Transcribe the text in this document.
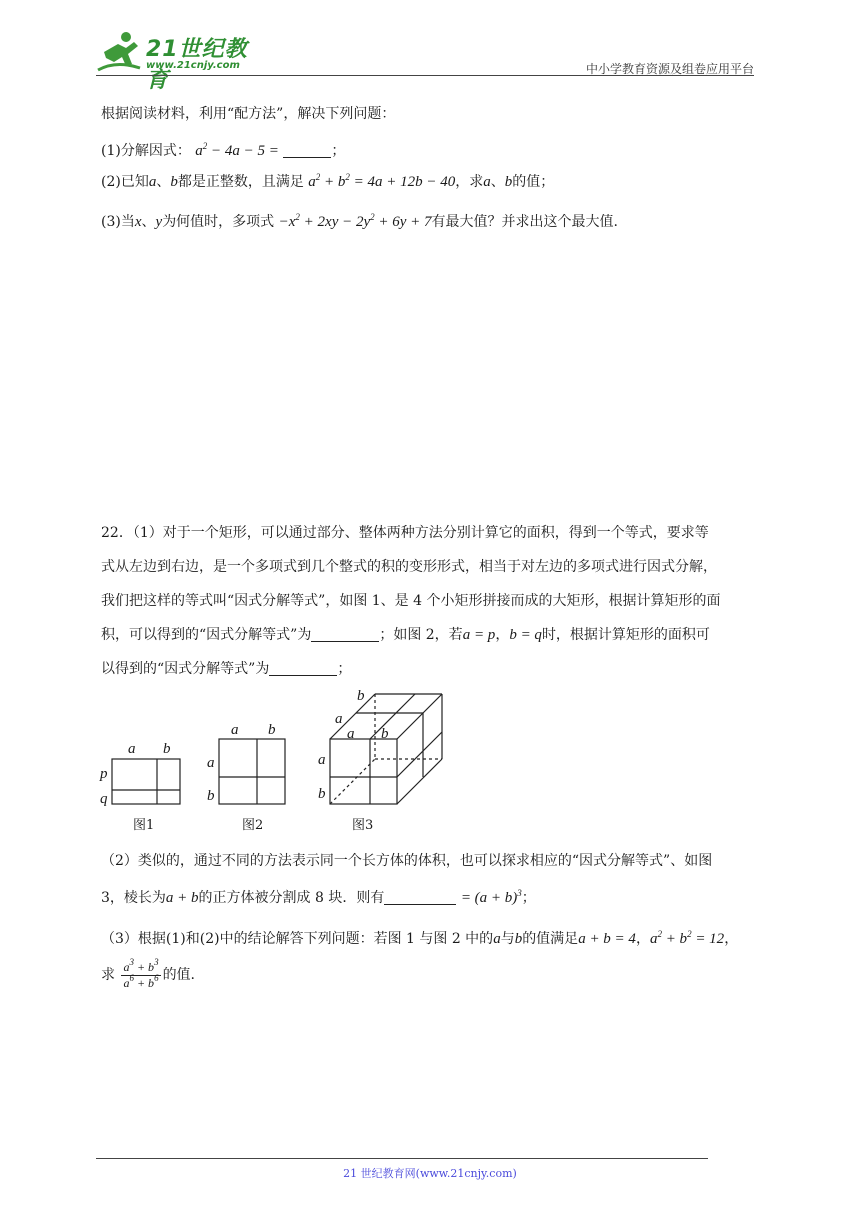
21世纪教育
www.21cnjy.com	中小学教育资源及组卷应用平台
根据阅读材料，利用“配方法”，解决下列问题：
(1)分解因式： $a^2 - 4a - 5$ =	；
(2)已知a、b都是正整数，且满足 $a^2 + b^2 = 4a + 12b - 40$，求a、b的值；
(3)当x、y为何值时，多项式 $-x^2 + 2xy - 2y^2 + 6y + 7$有最大值？并求出这个最大值.
22．（1）对于一个矩形，可以通过部分、整体两种方法分别计算它的面积，得到一个等式，要求等
式从左边到右边，是一个多项式到几个整式的积的变形形式，相当于对左边的多项式进行因式分解，
我们把这样的等式叫“因式分解等式”，如图 1、是 4 个小矩形拼接而成的大矩形，根据计算矩形的面
积，可以得到的“因式分解等式”为	；如图 2，若a = p，b = q时，根据计算矩形的面积可
以得到的“因式分解等式”为	；
a b
p
q
图1
a b
a
b
图2
b
a
a b
a
b
图3
（2）类似的，通过不同的方法表示同一个长方体的体积，也可以探求相应的“因式分解等式”、如图
3，棱长为a + b的正方体被分割成 8 块．则有	= $(a + b)^3$；
（3）根据(1)和(2)中的结论解答下列问题：若图 1 与图 2 中的a与b的值满足a + b = 4，$a^2 + b^2 = 12$，
求 $\frac{a^3 + b^3}{a^6 + b^6}$ 的值.
21 世纪教育网(www.21cnjy.com)
